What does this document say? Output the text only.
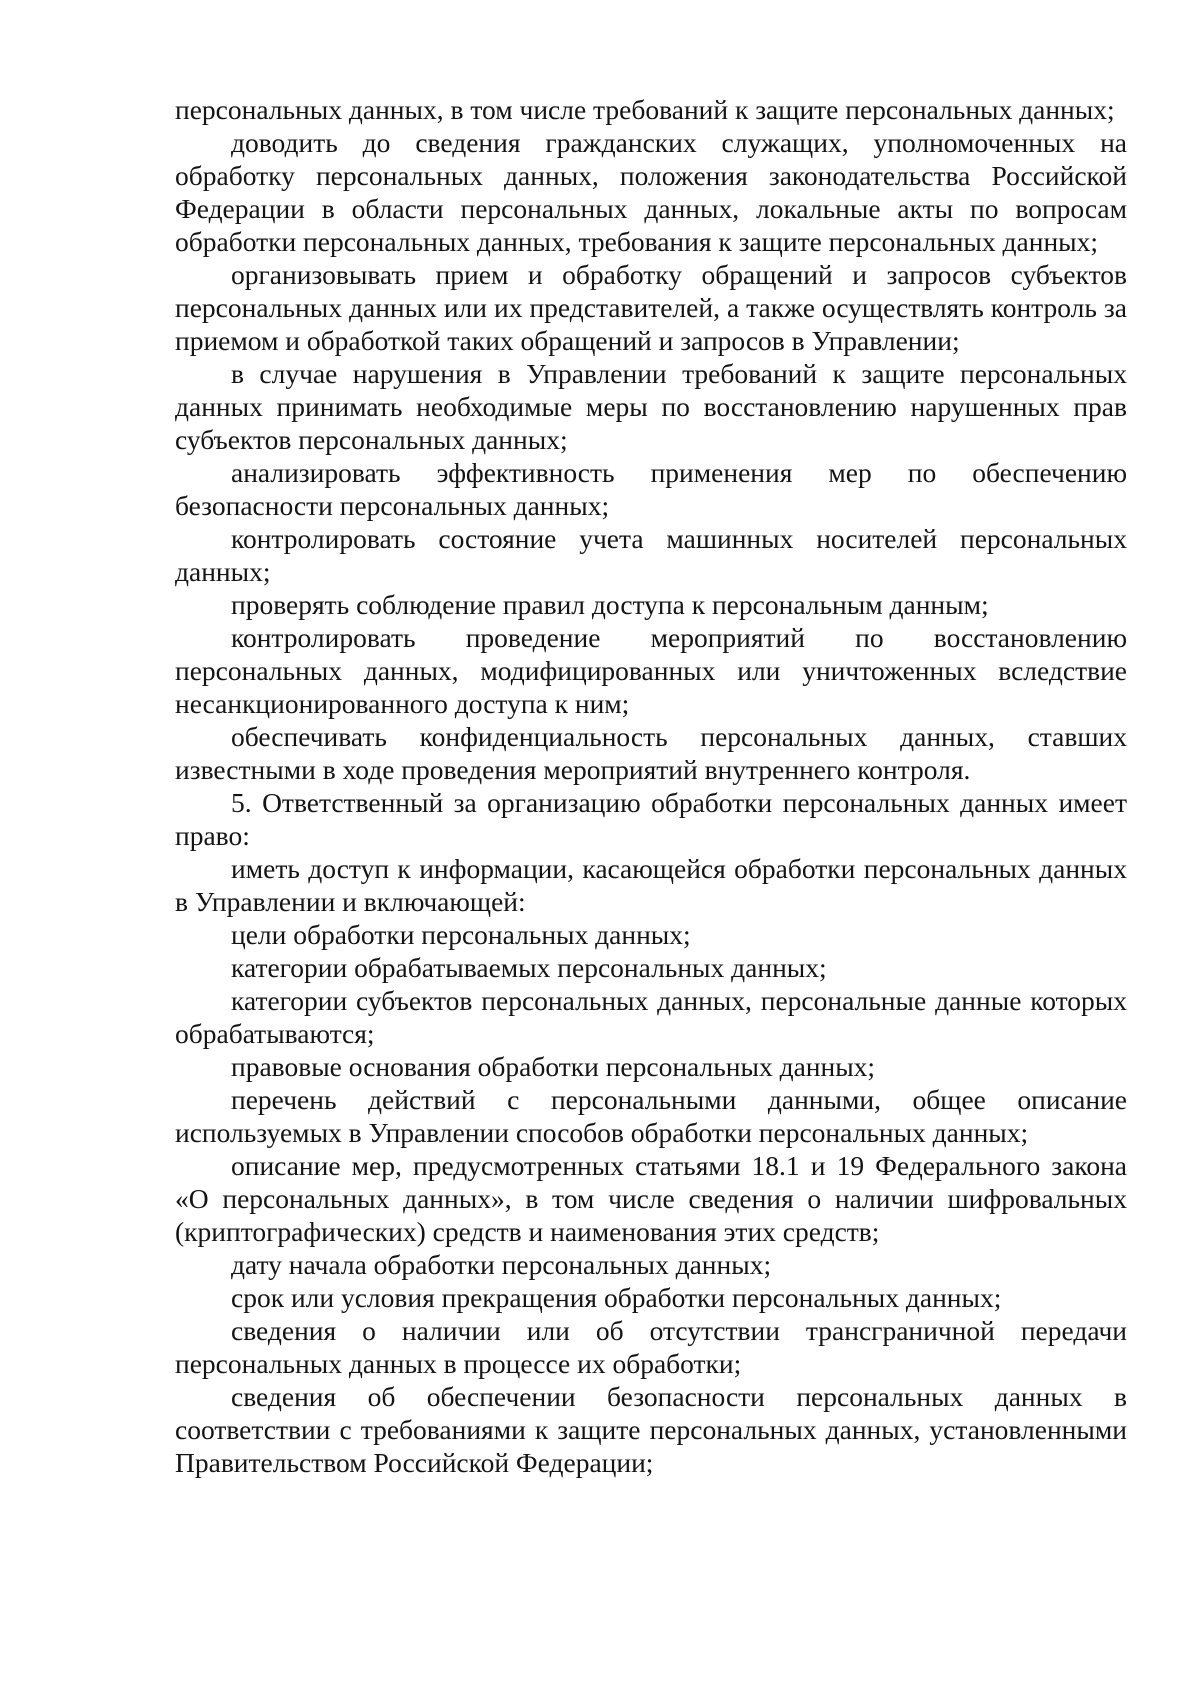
персональных данных, в том числе требований к защите персональных данных;

доводить до сведения гражданских служащих, уполномоченных на обработку персональных данных, положения законодательства Российской Федерации в области персональных данных, локальные акты по вопросам обработки персональных данных, требования к защите персональных данных;

организовывать прием и обработку обращений и запросов субъектов персональных данных или их представителей, а также осуществлять контроль за приемом и обработкой таких обращений и запросов в Управлении;

в случае нарушения в Управлении требований к защите персональных данных принимать необходимые меры по восстановлению нарушенных прав субъектов персональных данных;

анализировать эффективность применения мер по обеспечению безопасности персональных данных;

контролировать состояние учета машинных носителей персональных данных;

проверять соблюдение правил доступа к персональным данным;

контролировать проведение мероприятий по восстановлению персональных данных, модифицированных или уничтоженных вследствие несанкционированного доступа к ним;

обеспечивать конфиденциальность персональных данных, ставших известными в ходе проведения мероприятий внутреннего контроля.

5. Ответственный за организацию обработки персональных данных имеет право:

иметь доступ к информации, касающейся обработки персональных данных в Управлении и включающей:

цели обработки персональных данных;

категории обрабатываемых персональных данных;

категории субъектов персональных данных, персональные данные которых обрабатываются;

правовые основания обработки персональных данных;

перечень действий с персональными данными, общее описание используемых в Управлении способов обработки персональных данных;

описание мер, предусмотренных статьями 18.1 и 19 Федерального закона «О персональных данных», в том числе сведения о наличии шифровальных (криптографических) средств и наименования этих средств;

дату начала обработки персональных данных;

срок или условия прекращения обработки персональных данных;

сведения о наличии или об отсутствии трансграничной передачи персональных данных в процессе их обработки;

сведения об обеспечении безопасности персональных данных в соответствии с требованиями к защите персональных данных, установленными Правительством Российской Федерации;
